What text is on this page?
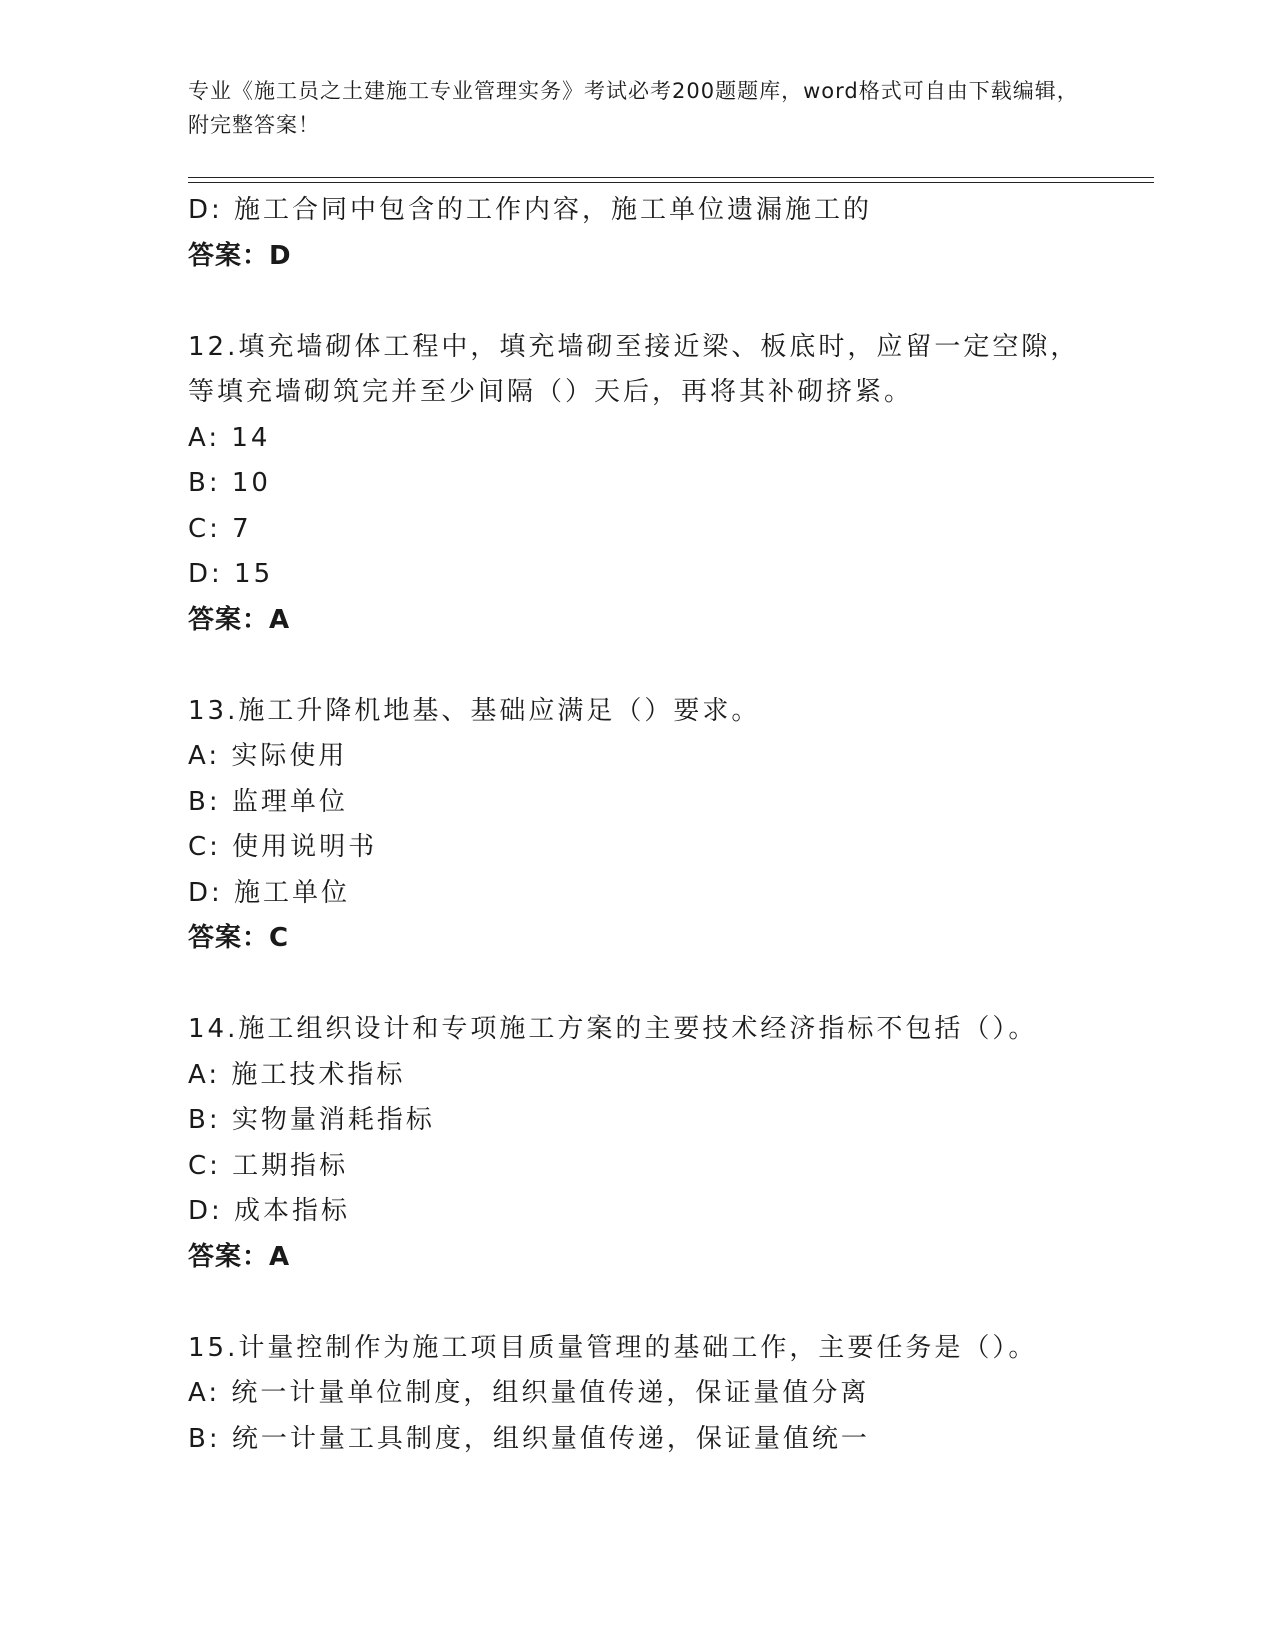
专业《施工员之土建施工专业管理实务》考试必考200题题库，word格式可自由下载编辑，附完整答案！
D: 施工合同中包含的工作内容，施工单位遗漏施工的
答案：D
12.填充墙砌体工程中，填充墙砌至接近梁、板底时，应留一定空隙，
等填充墙砌筑完并至少间隔（）天后，再将其补砌挤紧。
A: 14
B: 10
C: 7
D: 15
答案：A
13.施工升降机地基、基础应满足（）要求。
A: 实际使用
B: 监理单位
C: 使用说明书
D: 施工单位
答案：C
14.施工组织设计和专项施工方案的主要技术经济指标不包括（）。
A: 施工技术指标
B: 实物量消耗指标
C: 工期指标
D: 成本指标
答案：A
15.计量控制作为施工项目质量管理的基础工作，主要任务是（）。
A: 统一计量单位制度，组织量值传递，保证量值分离
B: 统一计量工具制度，组织量值传递，保证量值统一
